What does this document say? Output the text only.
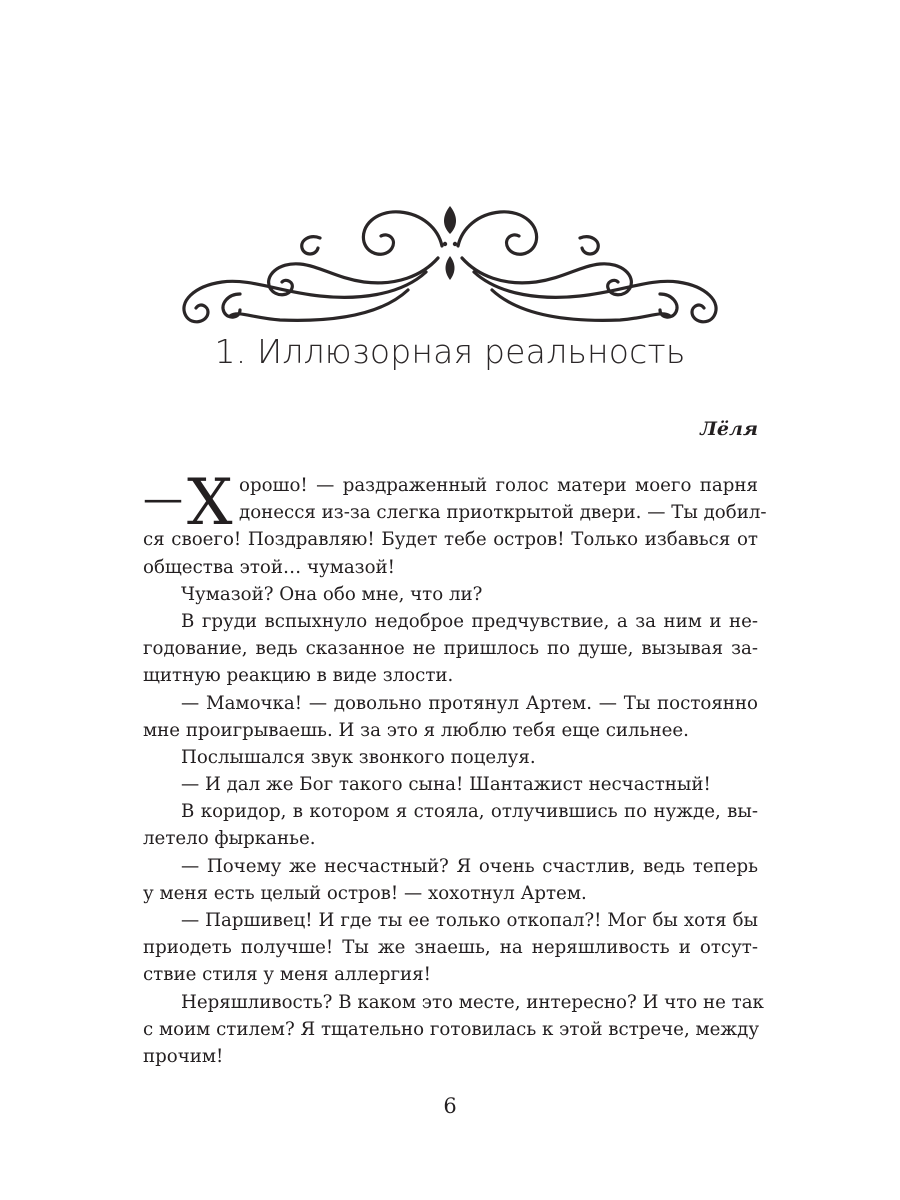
1. Иллюзорная реальность
Лёля
—Х орошо! — раздраженный голос матери моего парня
донесся из-за слегка приоткрытой двери. — Ты добил-
ся своего! Поздравляю! Будет тебе остров! Только избавься от
общества этой… чумазой!
Чумазой? Она обо мне, что ли?
В груди вспыхнуло недоброе предчувствие, а за ним и не-
годование, ведь сказанное не пришлось по душе, вызывая за-
щитную реакцию в виде злости.
— Мамочка! — довольно протянул Артем. — Ты постоянно
мне проигрываешь. И за это я люблю тебя еще сильнее.
Послышался звук звонкого поцелуя.
— И дал же Бог такого сына! Шантажист несчастный!
В коридор, в котором я стояла, отлучившись по нужде, вы-
летело фырканье.
— Почему же несчастный? Я очень счастлив, ведь теперь
у меня есть целый остров! — хохотнул Артем.
— Паршивец! И где ты ее только откопал?! Мог бы хотя бы
приодеть получше! Ты же знаешь, на неряшливость и отсут-
ствие стиля у меня аллергия!
Неряшливость? В каком это месте, интересно? И что не так
с моим стилем? Я тщательно готовилась к этой встрече, между
прочим!
6
